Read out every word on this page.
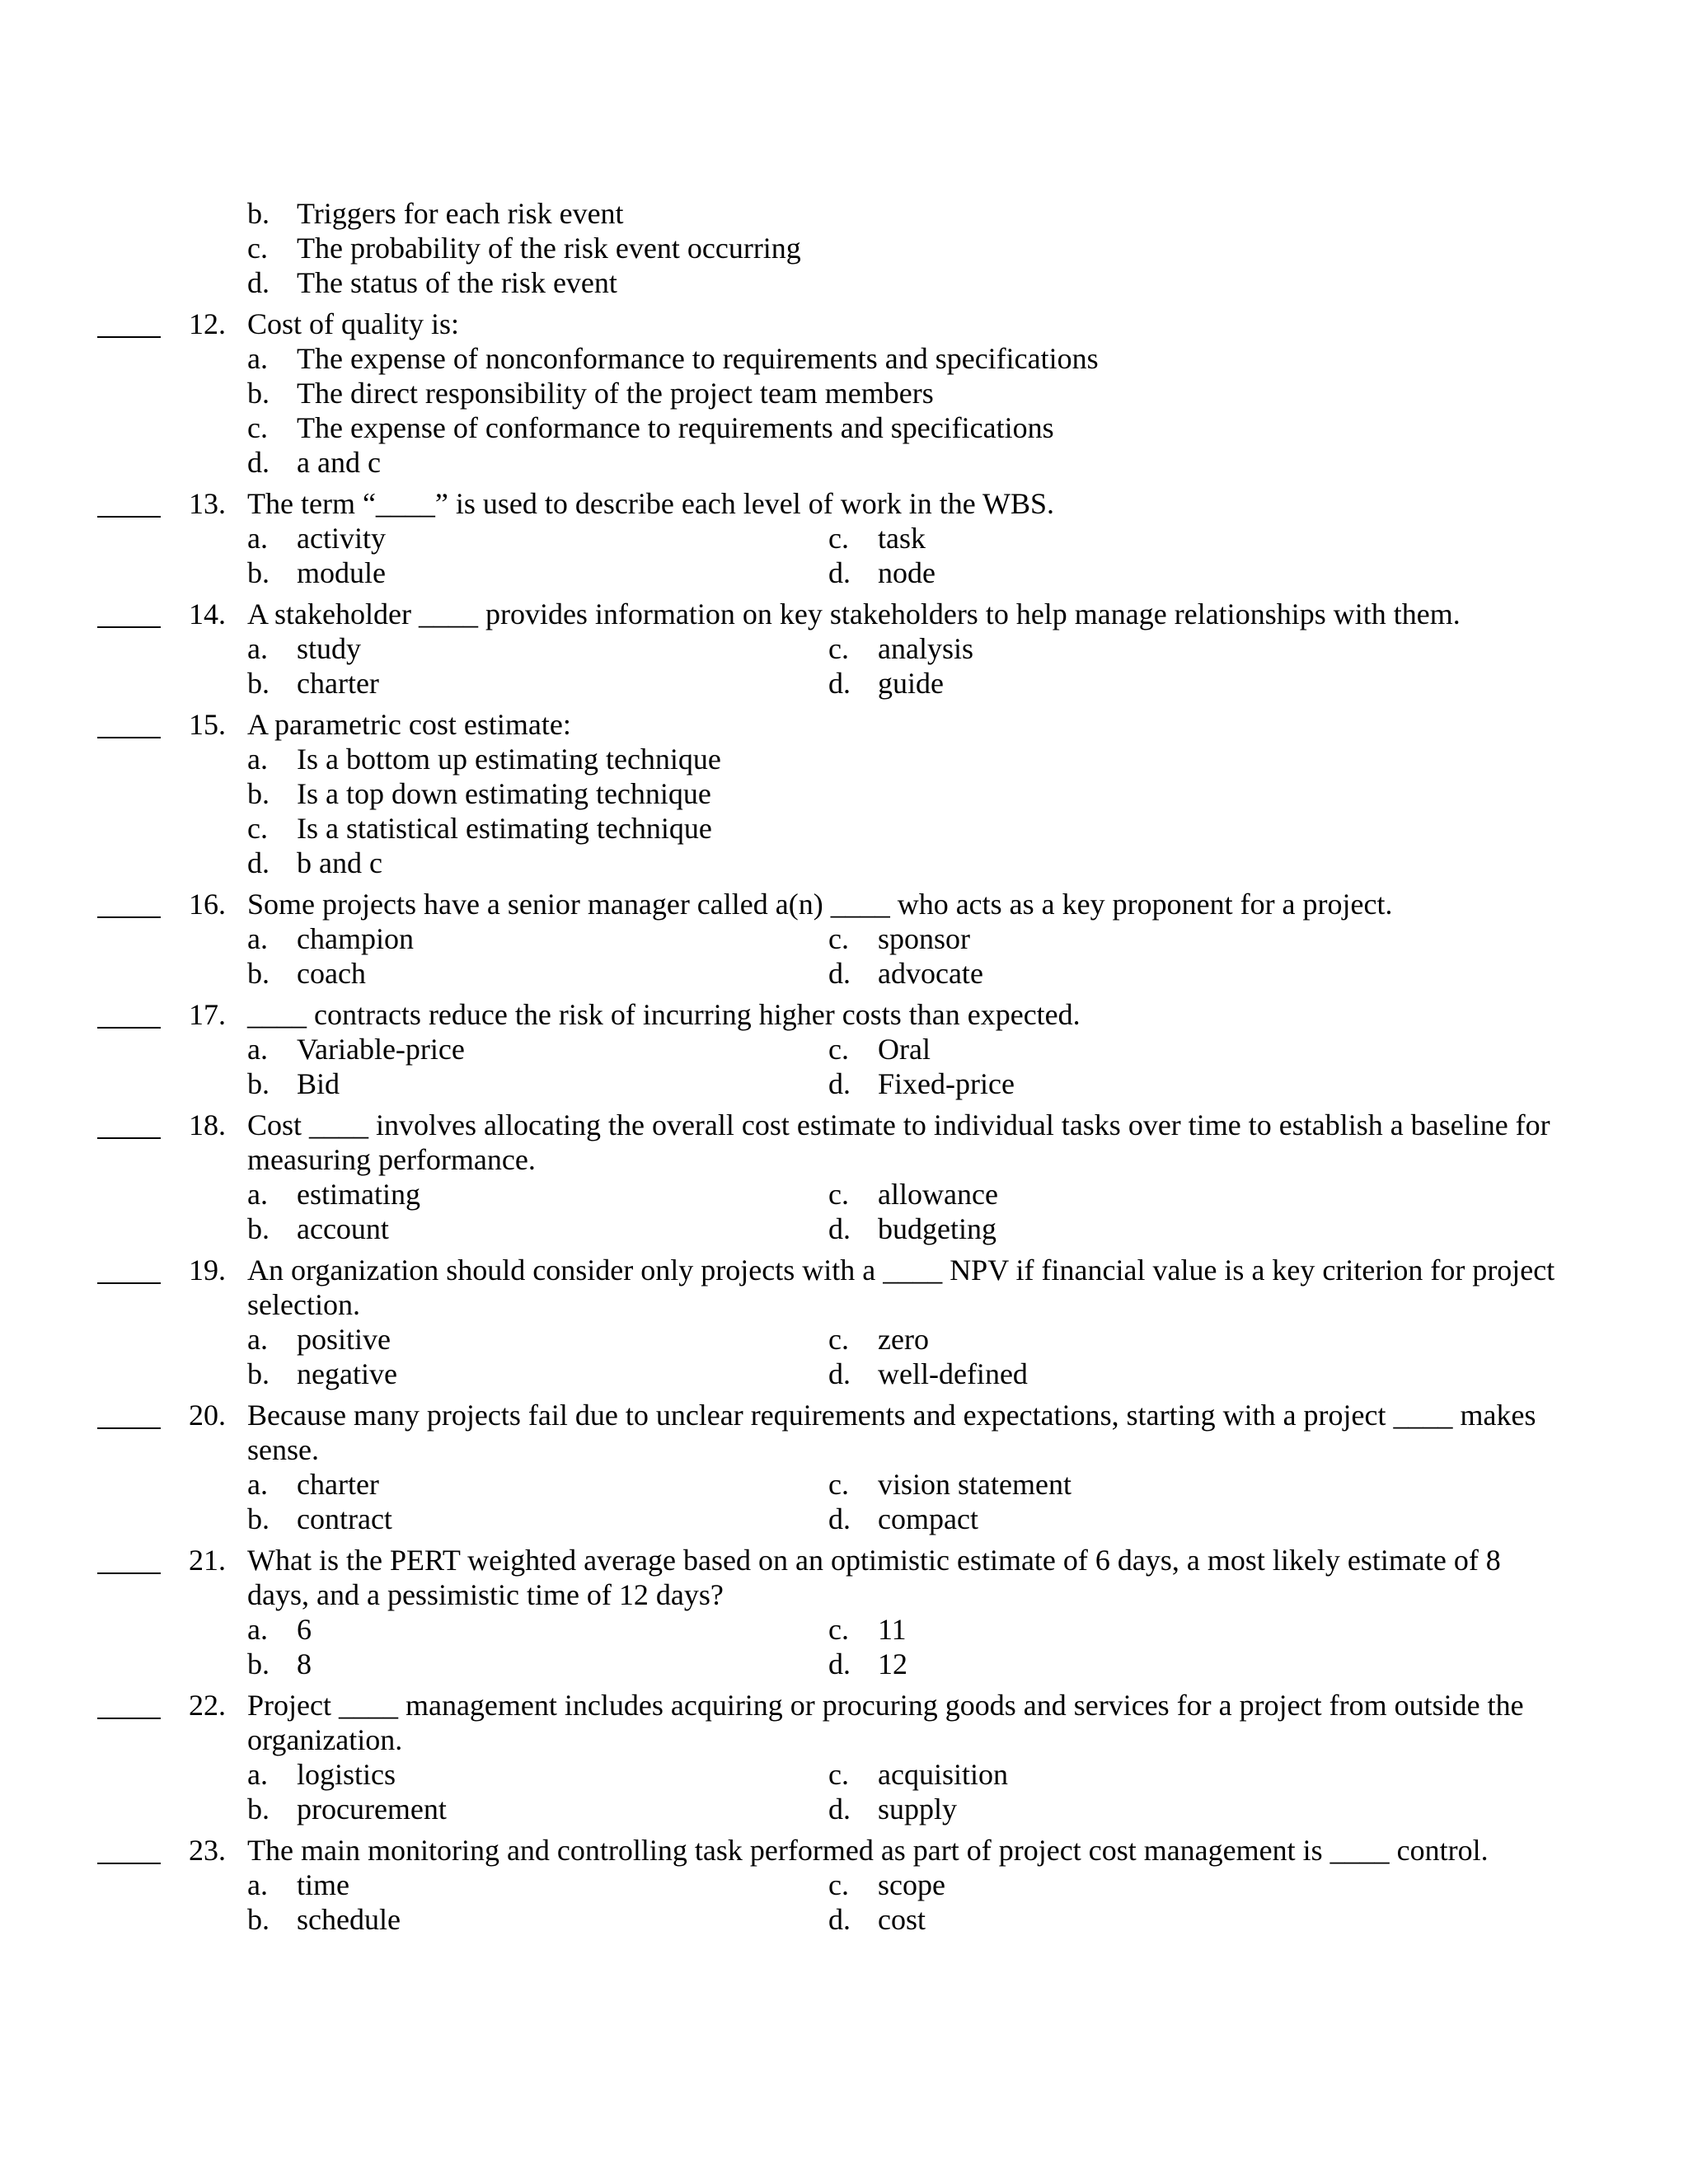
b. Triggers for each risk event
c. The probability of the risk event occurring
d. The status of the risk event
12. Cost of quality is:
a. The expense of nonconformance to requirements and specifications
b. The direct responsibility of the project team members
c. The expense of conformance to requirements and specifications
d. a and c
13. The term “____” is used to describe each level of work in the WBS.
a. activity	c. task
b. module	d. node
14. A stakeholder ____ provides information on key stakeholders to help manage relationships with them.
a. study	c. analysis
b. charter	d. guide
15. A parametric cost estimate:
a. Is a bottom up estimating technique
b. Is a top down estimating technique
c. Is a statistical estimating technique
d. b and c
16. Some projects have a senior manager called a(n) ____ who acts as a key proponent for a project.
a. champion	c. sponsor
b. coach	d. advocate
17. ____ contracts reduce the risk of incurring higher costs than expected.
a. Variable-price	c. Oral
b. Bid	d. Fixed-price
18. Cost ____ involves allocating the overall cost estimate to individual tasks over time to establish a baseline for
measuring performance.
a. estimating	c. allowance
b. account	d. budgeting
19. An organization should consider only projects with a ____ NPV if financial value is a key criterion for project
selection.
a. positive	c. zero
b. negative	d. well-defined
20. Because many projects fail due to unclear requirements and expectations, starting with a project ____ makes
sense.
a. charter	c. vision statement
b. contract	d. compact
21. What is the PERT weighted average based on an optimistic estimate of 6 days, a most likely estimate of 8
days, and a pessimistic time of 12 days?
a. 6	c. 11
b. 8	d. 12
22. Project ____ management includes acquiring or procuring goods and services for a project from outside the
organization.
a. logistics	c. acquisition
b. procurement	d. supply
23. The main monitoring and controlling task performed as part of project cost management is ____ control.
a. time	c. scope
b. schedule	d. cost
